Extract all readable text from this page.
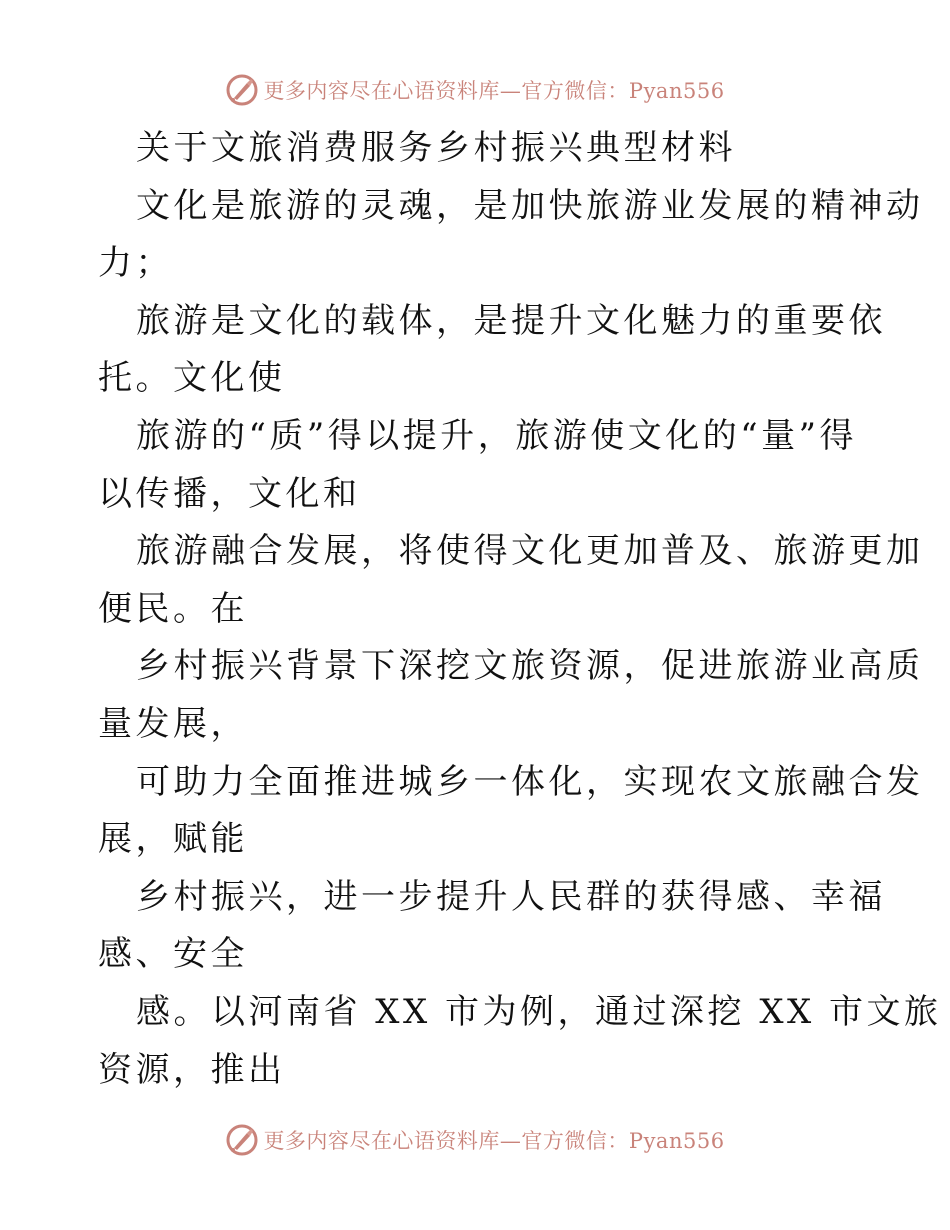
更多内容尽在心语资料库—官方微信：Pyan556
关于文旅消费服务乡村振兴典型材料
文化是旅游的灵魂，是加快旅游业发展的精神动
力；
旅游是文化的载体，是提升文化魅力的重要依
托。文化使
旅游的“质”得以提升，旅游使文化的“量”得
以传播，文化和
旅游融合发展，将使得文化更加普及、旅游更加
便民。在
乡村振兴背景下深挖文旅资源，促进旅游业高质
量发展，
可助力全面推进城乡一体化，实现农文旅融合发
展，赋能
乡村振兴，进一步提升人民群的获得感、幸福
感、安全
感。以河南省 XX 市为例，通过深挖 XX 市文旅
资源，推出
更多内容尽在心语资料库—官方微信：Pyan556
